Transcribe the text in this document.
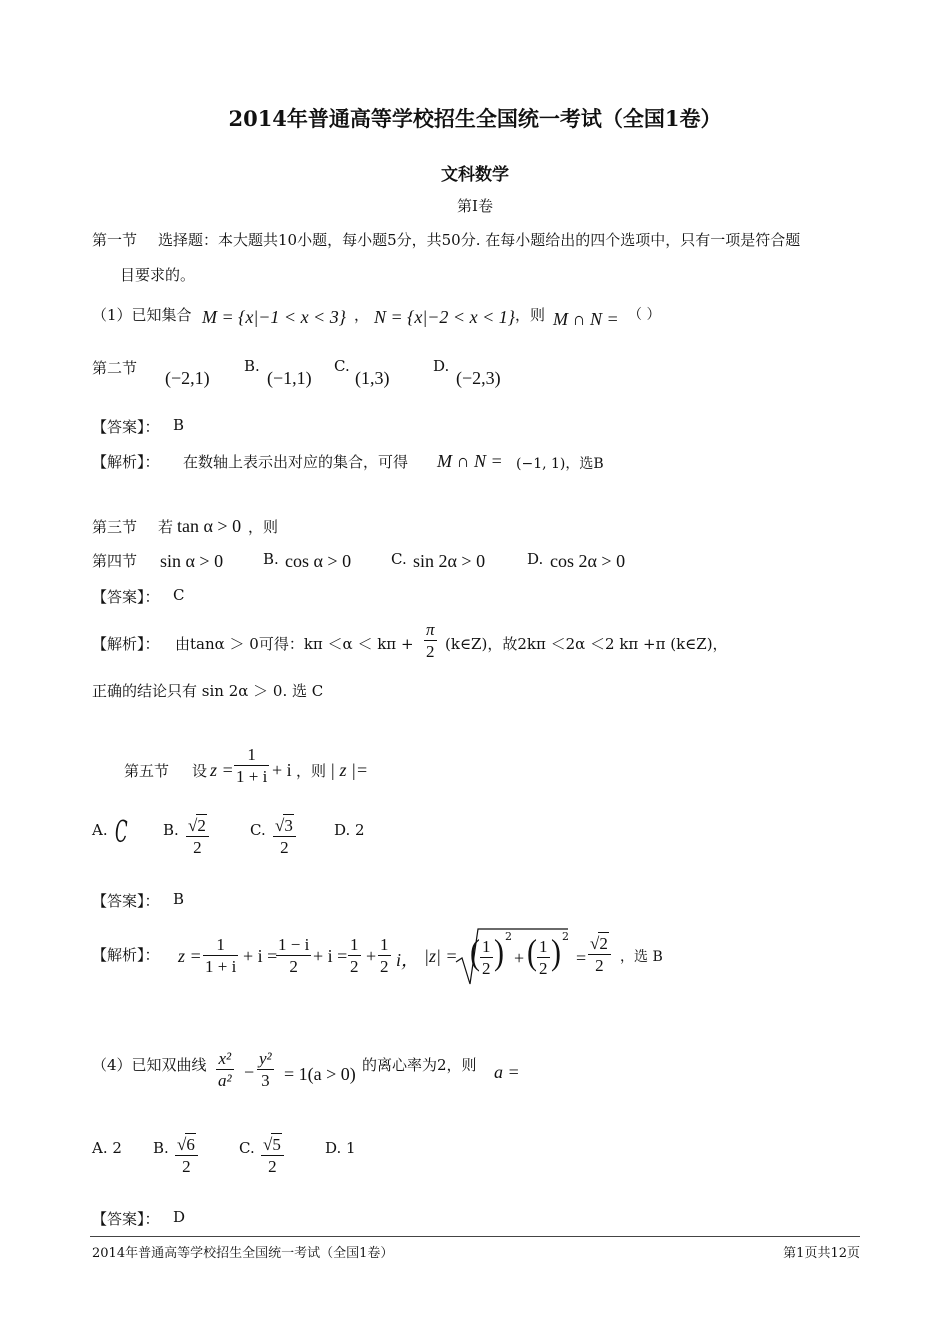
2014年普通高等学校招生全国统一考试（全国1卷）
文科数学
第Ⅰ卷
第一节 选择题：本大题共10小题，每小题5分，共50分. 在每小题给出的四个选项中，只有一项是符合题
目要求的。
（1）已知集合 M = {x|−1 < x < 3} ， N = {x|−2 < x < 1} ，则 M ∩ N = （ ）
第二节 (−2,1)
B.
(−1,1)
C.
(1,3)
D.
(−2,3)
【答案】： B
【解析】： 在数轴上表示出对应的集合，可得 M ∩ N = (−1, 1)，选B
第三节 若 tan α > 0 ，则
第四节 sin α > 0	B. cos α > 0	C. sin 2α > 0	D. cos 2α > 0
【答案】： C
【解析】： 由tanα ＞ 0可得：$k\pi <\alpha < k\pi + \frac{\pi}{2}$ (k∈Z)，故2kπ ＜2α ＜2 kπ +π (k∈Z)，
正确的结论只有 sin 2α ＞ 0. 选 C
第五节 设 $z = \frac{1}{1 + i} + i$ ，则 | z |=
A. C B. $\frac{√2}{2}$	C. $\frac{√3}{2}$	D. 2
【答案】： B
【解析】： $z = \frac{1}{1 + i} + i$ =
$\frac{1 - i}{2} + i = \frac{1}{2} + \frac{1}{2}$ i， |z| = ( $\frac{1}{2}$ ) 2
+ ( $\frac{1}{2}$ ) 2
= $\frac{√2}{2}$ ，选 B
（4）已知双曲线 $\frac{\text{x²}}{\text{a²}} - \frac{\text{y²}}{3} = 1(a > 0)$ 的离心率为2，则 a =
A. 2 B. $\frac{√6}{2}$	C. $\frac{√5}{2}$	D. 1
【答案】： D
2014年普通高等学校招生全国统一考试（全国1卷）	第1页共12页
